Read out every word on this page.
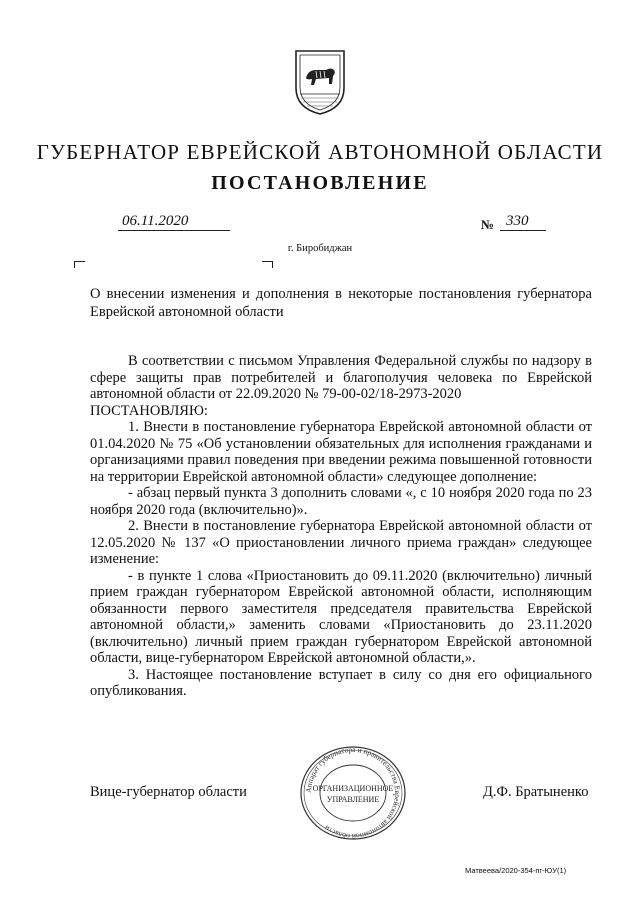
ГУБЕРНАТОР ЕВРЕЙСКОЙ АВТОНОМНОЙ ОБЛАСТИ
ПОСТАНОВЛЕНИЕ
06.11.2020	№ 330
г. Биробиджан
О внесении изменения и дополнения в некоторые постановления губернатора Еврейской автономной области

В соответствии с письмом Управления Федеральной службы по надзору в сфере защиты прав потребителей и благополучия человека по Еврейской автономной области от 22.09.2020 № 79-00-02/18-2973-2020

ПОСТАНОВЛЯЮ:

1. Внести в постановление губернатора Еврейской автономной области от 01.04.2020 № 75 «Об установлении обязательных для исполнения гражданами и организациями правил поведения при введении режима повышенной готовности на территории Еврейской автономной области» следующее дополнение:

- абзац первый пункта 3 дополнить словами «, с 10 ноября 2020 года по 23 ноября 2020 года (включительно)».

2. Внести в постановление губернатора Еврейской автономной области от 12.05.2020 № 137 «О приостановлении личного приема граждан» следующее изменение:

- в пункте 1 слова «Приостановить до 09.11.2020 (включительно) личный прием граждан губернатором Еврейской автономной области, исполняющим обязанности первого заместителя председателя правительства Еврейской автономной области,» заменить словами «Приостановить до 23.11.2020 (включительно) личный прием граждан губернатором Еврейской автономной области, вице-губернатором Еврейской автономной области,».

3. Настоящее постановление вступает в силу со дня его официального опубликования.

Вице-губернатор области	Д.Ф. Братыненко
Аппарат губернатора и правительства Еврейской автономной области
ОРГАНИЗАЦИОННОЕ
УПРАВЛЕНИЕ
Матвеева/2020-354-пг-ЮУ(1)
